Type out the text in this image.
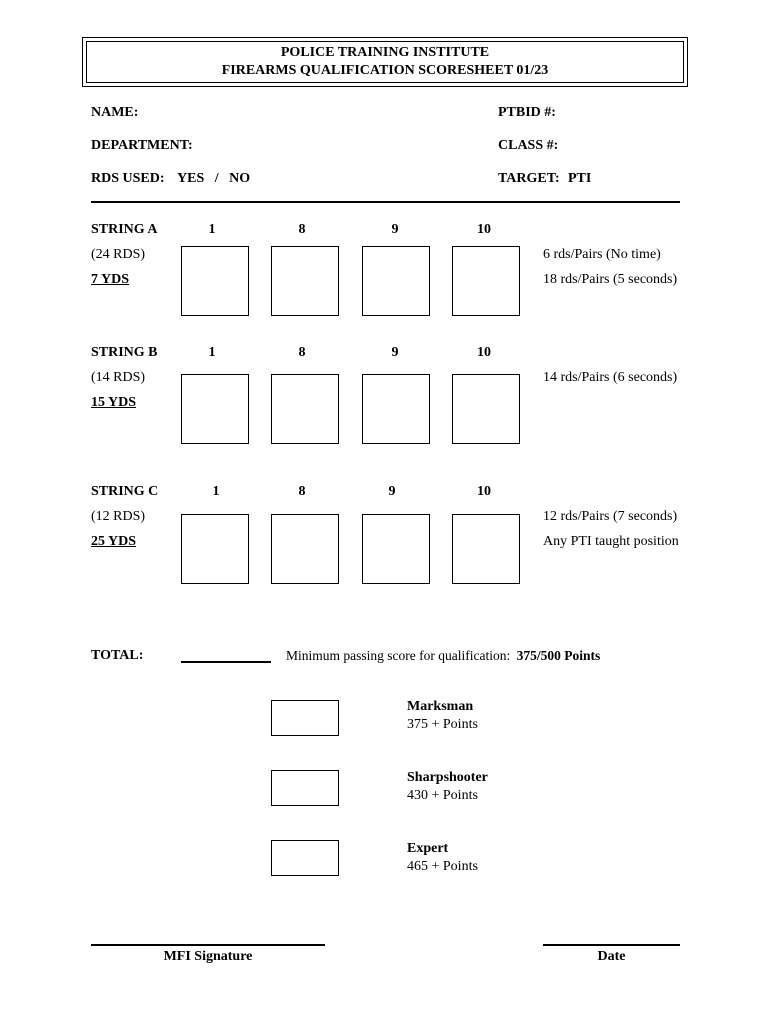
POLICE TRAINING INSTITUTE
FIREARMS QUALIFICATION SCORESHEET 01/23
NAME:	PTBID #:
DEPARTMENT:	CLASS #:
RDS USED: YES   /   NO	TARGET: PTI
STRING A	1	8	9	10
(24 RDS)
7 YDS
6 rds/Pairs (No time)
18 rds/Pairs (5 seconds)
STRING B	1	8	9	10
(14 RDS)
15 YDS
14 rds/Pairs (6 seconds)
STRING C	1	8	9	10
(12 RDS)
25 YDS
12 rds/Pairs (7 seconds)
Any PTI taught position
TOTAL:	Minimum passing score for qualification: 375/500 Points
Marksman
375 + Points
Sharpshooter
430 + Points
Expert
465 + Points
MFI Signature	Date
